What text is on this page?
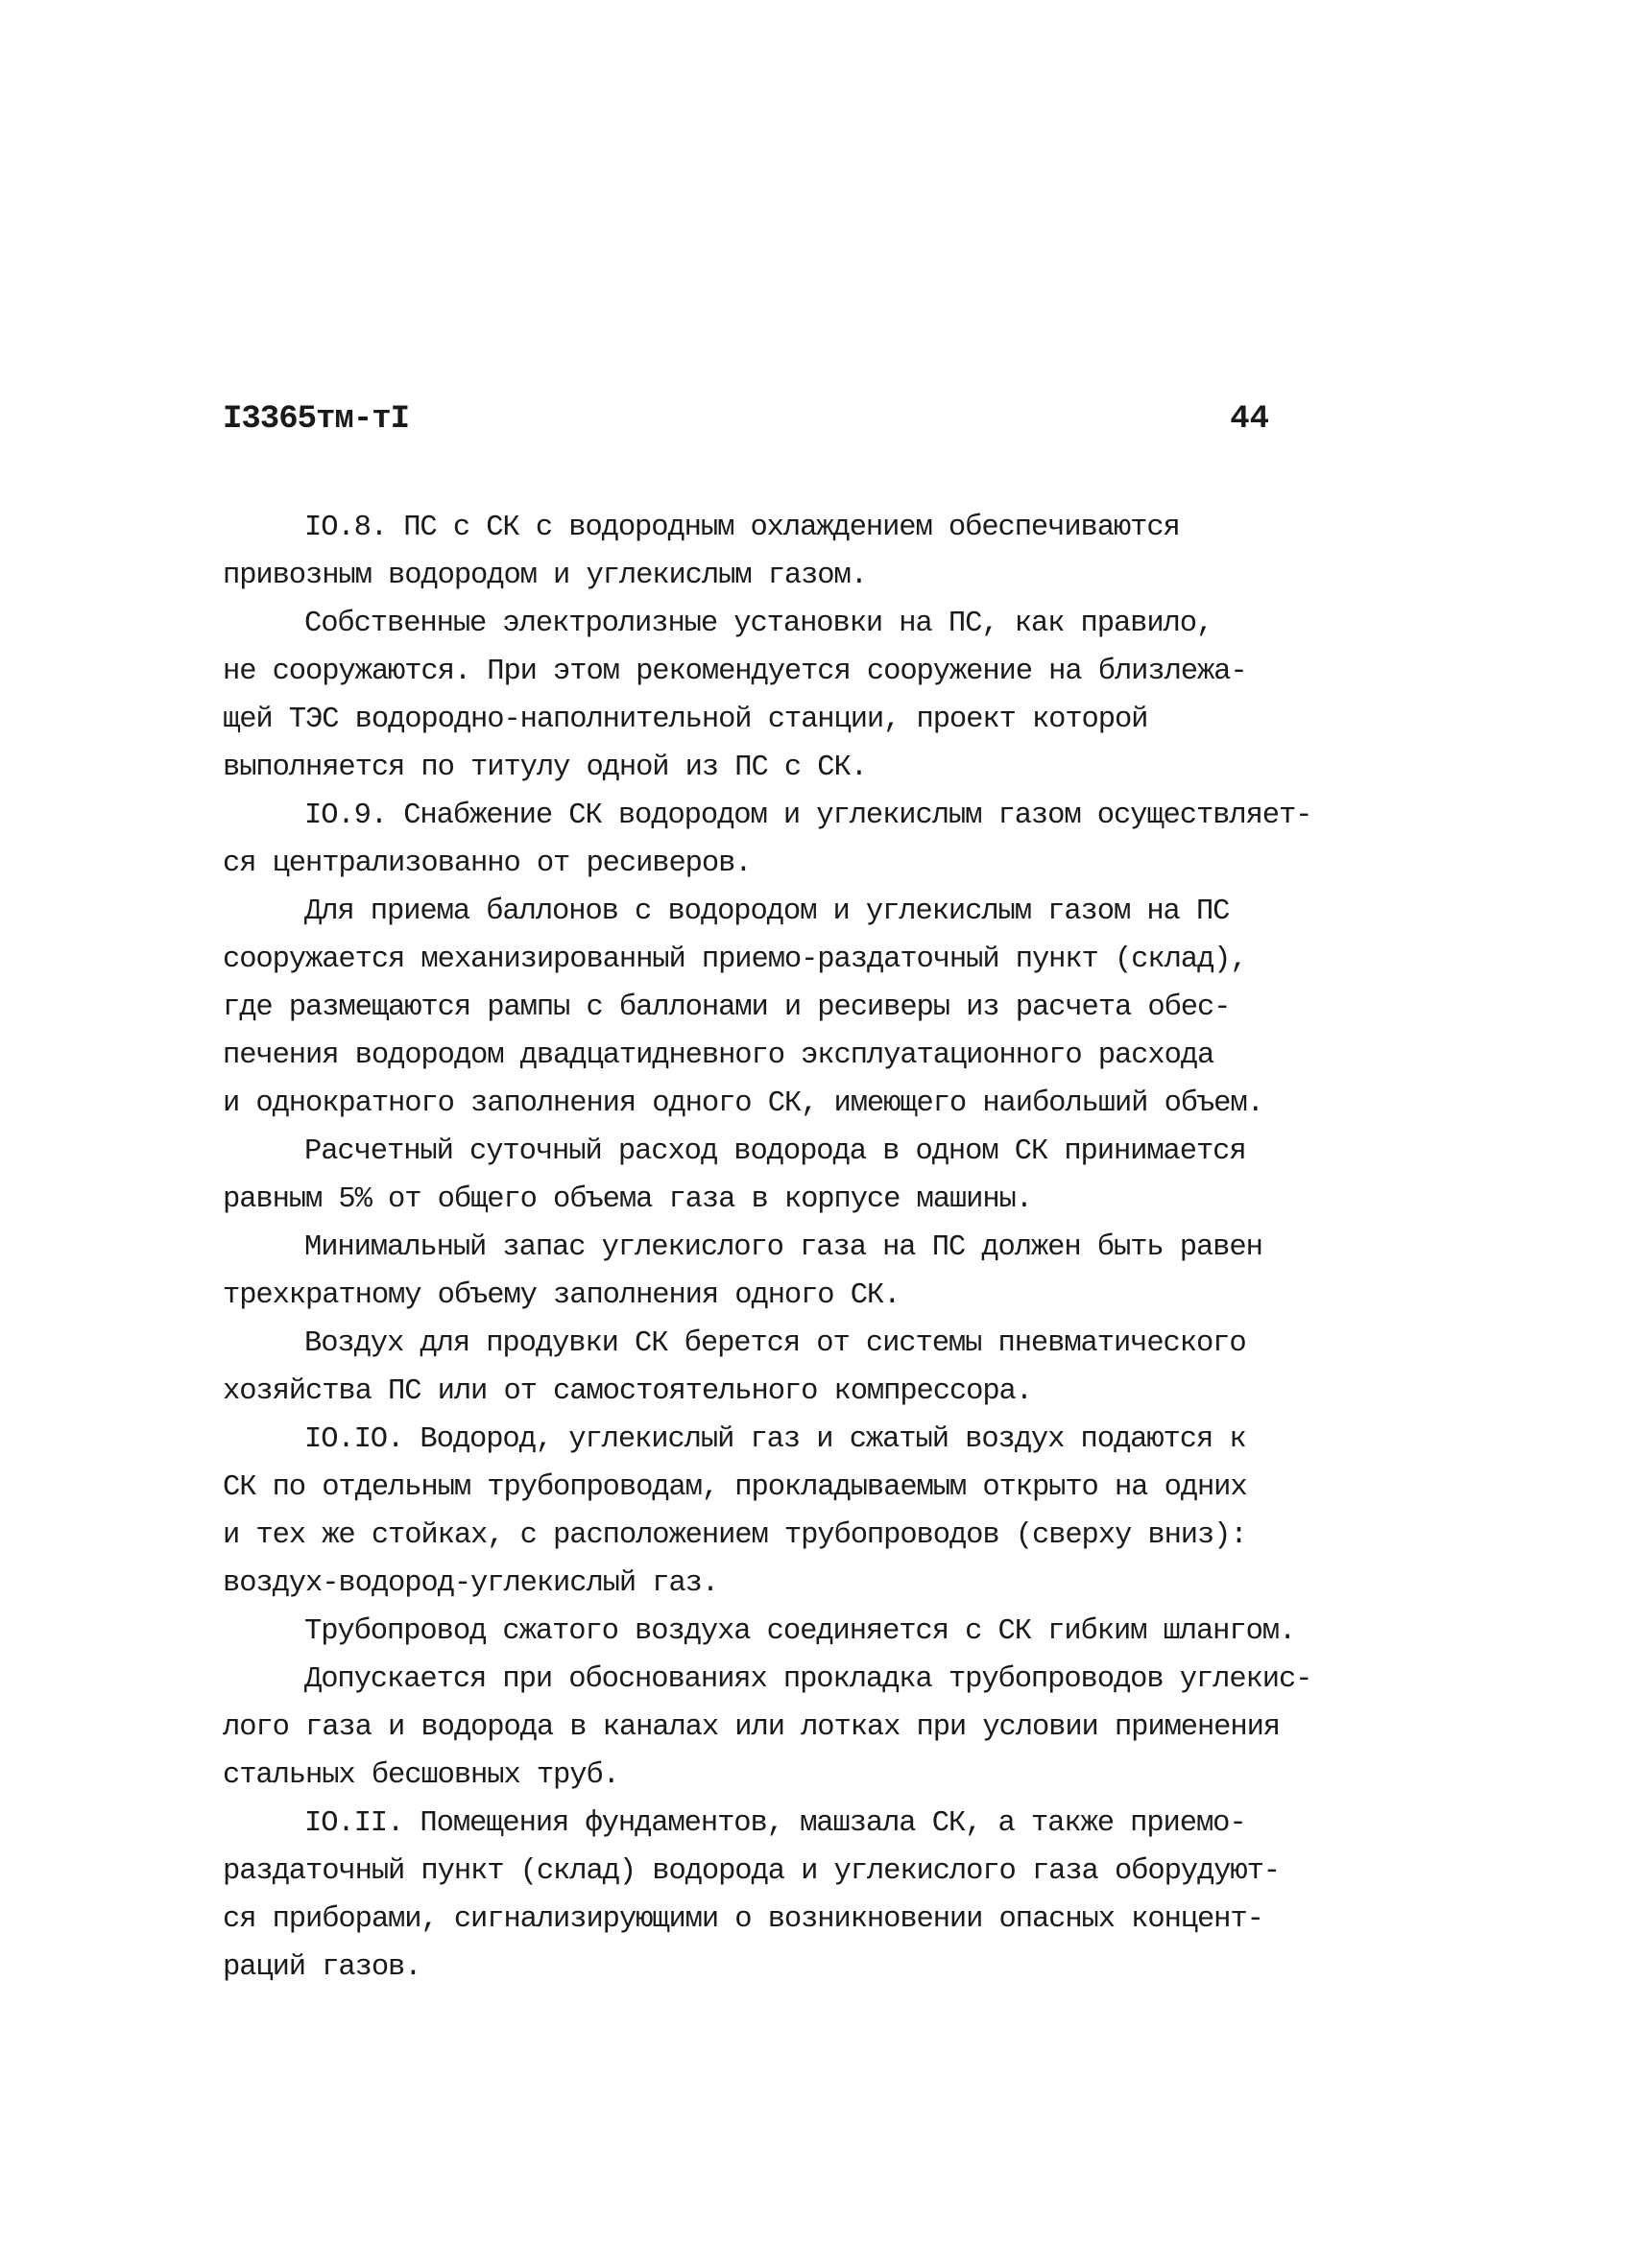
I3365тм-тI	44
IO.8. ПС с СК с водородным охлаждением обеспечиваются
привозным водородом и углекислым газом.
Собственные электролизные установки на ПС, как правило,
не сооружаются. При этом рекомендуется сооружение на близлежа-
щей ТЭС водородно-наполнительной станции, проект которой
выполняется по титулу одной из ПС с СК.
IO.9. Снабжение СК водородом и углекислым газом осуществляет-
ся централизованно от ресиверов.
Для приема баллонов с водородом и углекислым газом на ПС
сооружается механизированный приемо-раздаточный пункт (склад),
где размещаются рампы с баллонами и ресиверы из расчета обес-
печения водородом двадцатидневного эксплуатационного расхода
и однократного заполнения одного СК, имеющего наибольший объем.
Расчетный суточный расход водорода в одном СК принимается
равным 5% от общего объема газа в корпусе машины.
Минимальный запас углекислого газа на ПС должен быть равен
трехкратному объему заполнения одного СК.
Воздух для продувки СК берется от системы пневматического
хозяйства ПС или от самостоятельного компрессора.
IO.IO. Водород, углекислый газ и сжатый воздух подаются к
СК по отдельным трубопроводам, прокладываемым открыто на одних
и тех же стойках, с расположением трубопроводов (сверху вниз):
воздух-водород-углекислый газ.
Трубопровод сжатого воздуха соединяется с СК гибким шлангом.
Допускается при обоснованиях прокладка трубопроводов углекис-
лого газа и водорода в каналах или лотках при условии применения
стальных бесшовных труб.
IO.II. Помещения фундаментов, машзала СК, а также приемо-
раздаточный пункт (склад) водорода и углекислого газа оборудуют-
ся приборами, сигнализирующими о возникновении опасных концент-
раций газов.
